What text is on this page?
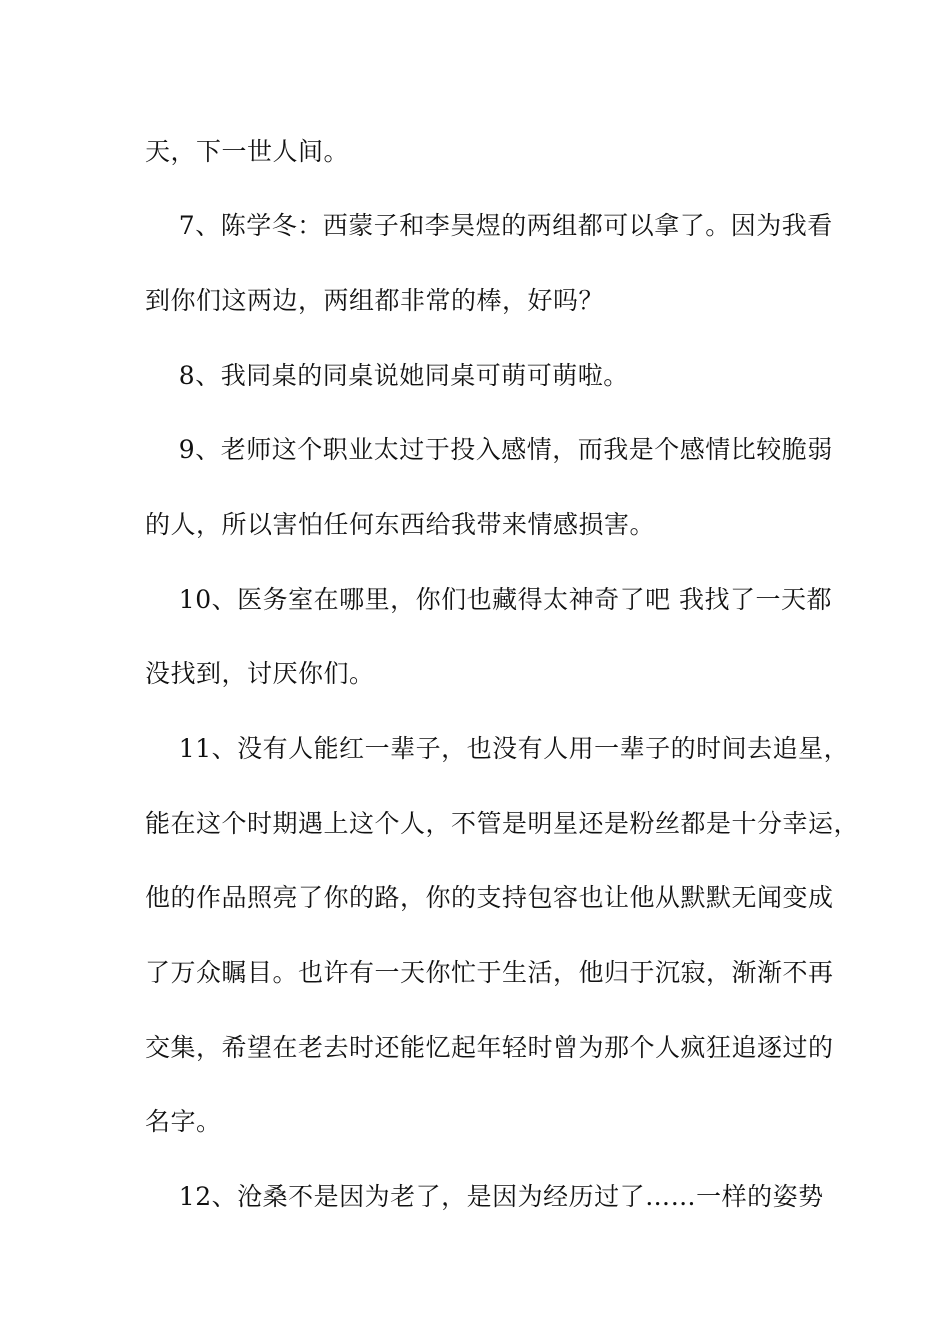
天，下一世人间。
7、陈学冬：西蒙子和李昊煜的两组都可以拿了。因为我看
到你们这两边，两组都非常的棒，好吗？
8、我同桌的同桌说她同桌可萌可萌啦。
9、老师这个职业太过于投入感情，而我是个感情比较脆弱
的人，所以害怕任何东西给我带来情感损害。
10、医务室在哪里，你们也藏得太神奇了吧 我找了一天都
没找到，讨厌你们。
11、没有人能红一辈子，也没有人用一辈子的时间去追星，
能在这个时期遇上这个人，不管是明星还是粉丝都是十分幸运，
他的作品照亮了你的路，你的支持包容也让他从默默无闻变成
了万众瞩目。也许有一天你忙于生活，他归于沉寂，渐渐不再
交集，希望在老去时还能忆起年轻时曾为那个人疯狂追逐过的
名字。
12、沧桑不是因为老了，是因为经历过了……一样的姿势
